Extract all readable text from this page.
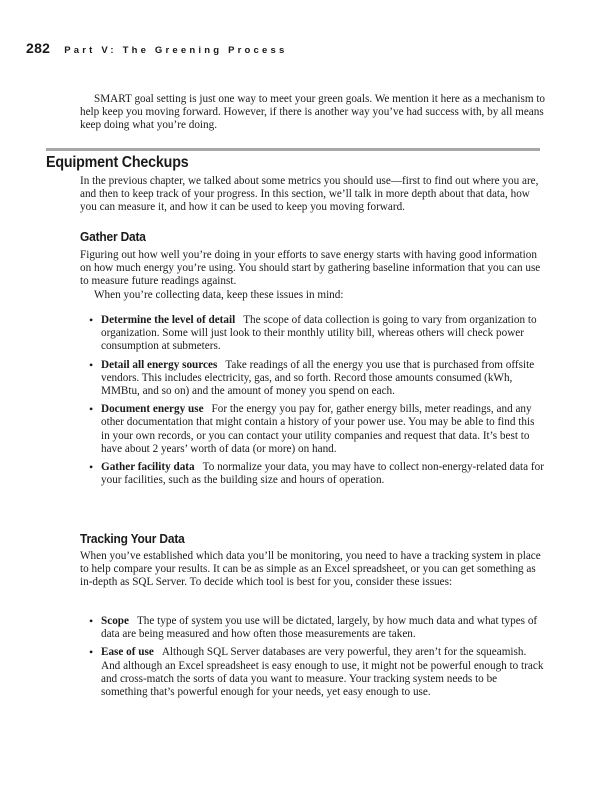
282 Part V: The Greening Process

SMART goal setting is just one way to meet your green goals. We mention it here as a mechanism to help keep you moving forward. However, if there is another way you’ve had success with, by all means keep doing what you’re doing.

Equipment Checkups

In the previous chapter, we talked about some metrics you should use—first to find out where you are, and then to keep track of your progress. In this section, we’ll talk in more depth about that data, how you can measure it, and how it can be used to keep you moving forward.

Gather Data

Figuring out how well you’re doing in your efforts to save energy starts with having good information on how much energy you’re using. You should start by gathering baseline information that you can use to measure future readings against.

When you’re collecting data, keep these issues in mind:

• Determine the level of detail The scope of data collection is going to vary from organization to organization. Some will just look to their monthly utility bill, whereas others will check power consumption at submeters.
• Detail all energy sources Take readings of all the energy you use that is purchased from offsite vendors. This includes electricity, gas, and so forth. Record those amounts consumed (kWh, MMBtu, and so on) and the amount of money you spend on each.
• Document energy use For the energy you pay for, gather energy bills, meter readings, and any other documentation that might contain a history of your power use. You may be able to find this in your own records, or you can contact your utility companies and request that data. It’s best to have about 2 years’ worth of data (or more) on hand.
• Gather facility data To normalize your data, you may have to collect non-energy-related data for your facilities, such as the building size and hours of operation.
Tracking Your Data

When you’ve established which data you’ll be monitoring, you need to have a tracking system in place to help compare your results. It can be as simple as an Excel spreadsheet, or you can get something as in-depth as SQL Server. To decide which tool is best for you, consider these issues:

• Scope The type of system you use will be dictated, largely, by how much data and what types of data are being measured and how often those measurements are taken.
• Ease of use Although SQL Server databases are very powerful, they aren’t for the squeamish. And although an Excel spreadsheet is easy enough to use, it might not be powerful enough to track and cross-match the sorts of data you want to measure. Your tracking system needs to be something that’s powerful enough for your needs, yet easy enough to use.
